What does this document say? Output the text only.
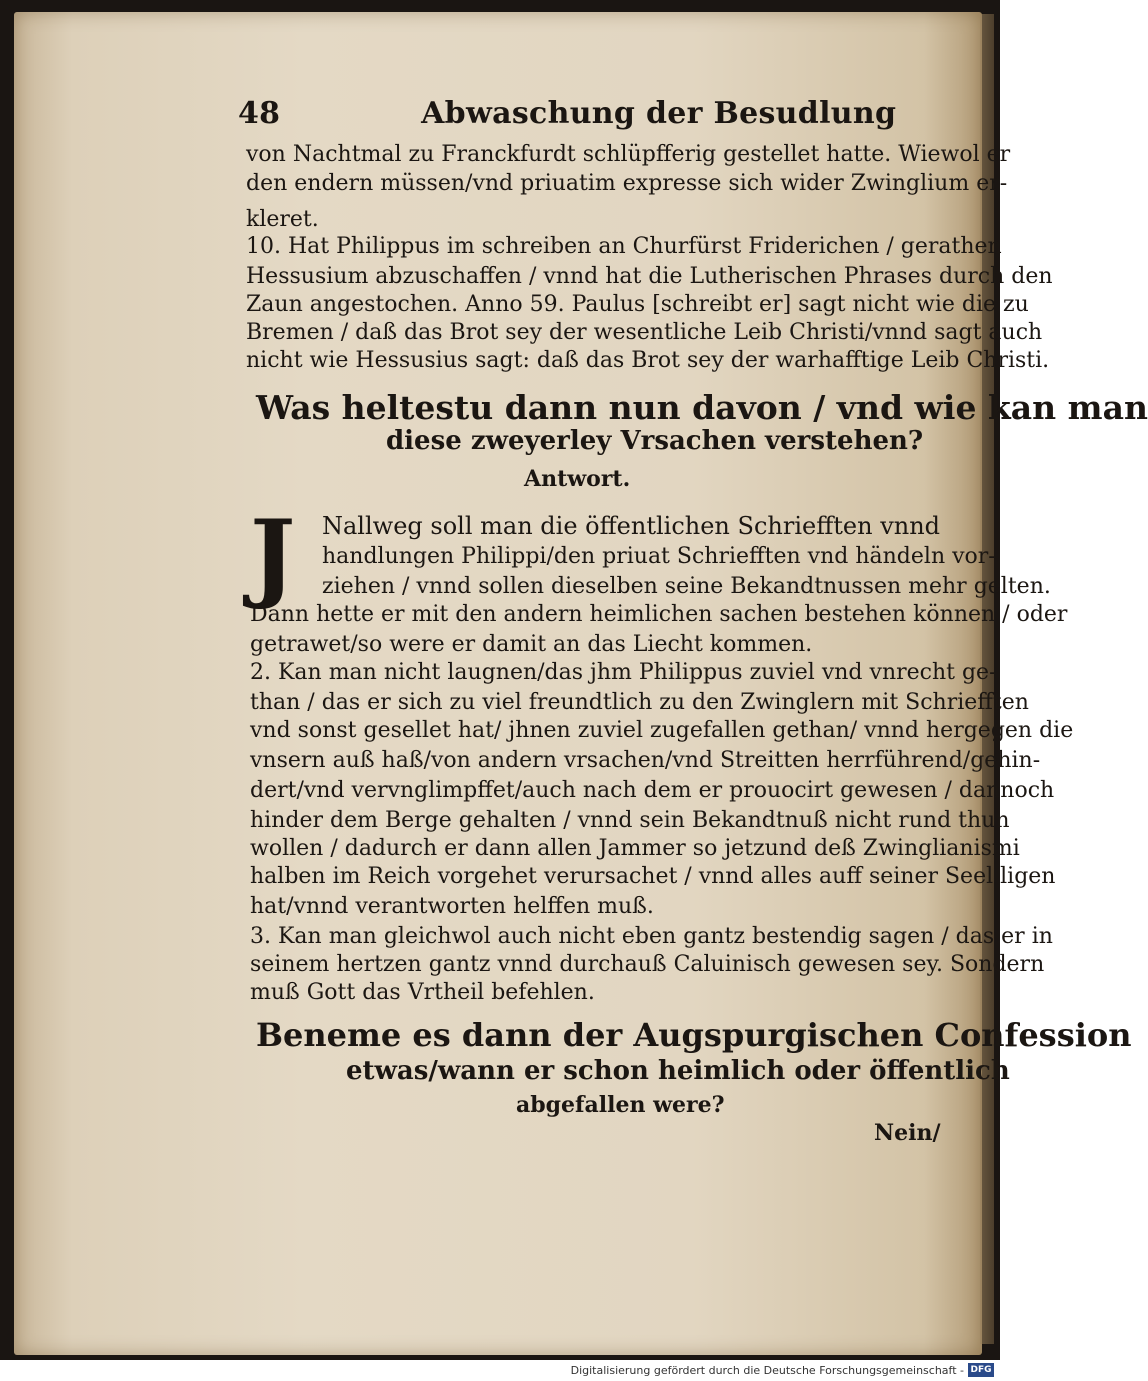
48	Abwaschung der Besudlung
von Nachtmal zu Franckfurdt schlüpfferig gestellet hatte. Wiewol er
den endern müssen/vnd priuatim expresse sich wider Zwinglium er-
kleret.
10. Hat Philippus im schreiben an Churfürst Friderichen / gerathen
Hessusium abzuschaffen / vnnd hat die Lutherischen Phrases durch den
Zaun angestochen. Anno 59. Paulus [schreibt er] sagt nicht wie die zu
Bremen / daß das Brot sey der wesentliche Leib Christi/vnnd sagt auch
nicht wie Hessusius sagt: daß das Brot sey der warhafftige Leib Christi.
Was heltestu dann nun davon / vnd wie kan man
diese zweyerley Vrsachen verstehen?
Antwort.
J	Nallweg soll man die öffentlichen Schriefften vnnd
handlungen Philippi/den priuat Schriefften vnd händeln vor-
ziehen / vnnd sollen dieselben seine Bekandtnussen mehr gelten.
Dann hette er mit den andern heimlichen sachen bestehen können / oder
getrawet/so were er damit an das Liecht kommen.
2. Kan man nicht laugnen/das jhm Philippus zuviel vnd vnrecht ge-
than / das er sich zu viel freundtlich zu den Zwinglern mit Schriefften
vnd sonst gesellet hat/ jhnen zuviel zugefallen gethan/ vnnd hergegen die
vnsern auß haß/von andern vrsachen/vnd Streitten herrführend/gehin-
dert/vnd vervnglimpffet/auch nach dem er prouocirt gewesen / dannoch
hinder dem Berge gehalten / vnnd sein Bekandtnuß nicht rund thun
wollen / dadurch er dann allen Jammer so jetzund deß Zwinglianismi
halben im Reich vorgehet verursachet / vnnd alles auff seiner Seel ligen
hat/vnnd verantworten helffen muß.
3. Kan man gleichwol auch nicht eben gantz bestendig sagen / das er in
seinem hertzen gantz vnnd durchauß Caluinisch gewesen sey. Sondern
muß Gott das Vrtheil befehlen.
Beneme es dann der Augspurgischen Confession
etwas/wann er schon heimlich oder öffentlich
abgefallen were?
Nein/
Digitalisierung gefördert durch die Deutsche Forschungsgemeinschaft - DFG
